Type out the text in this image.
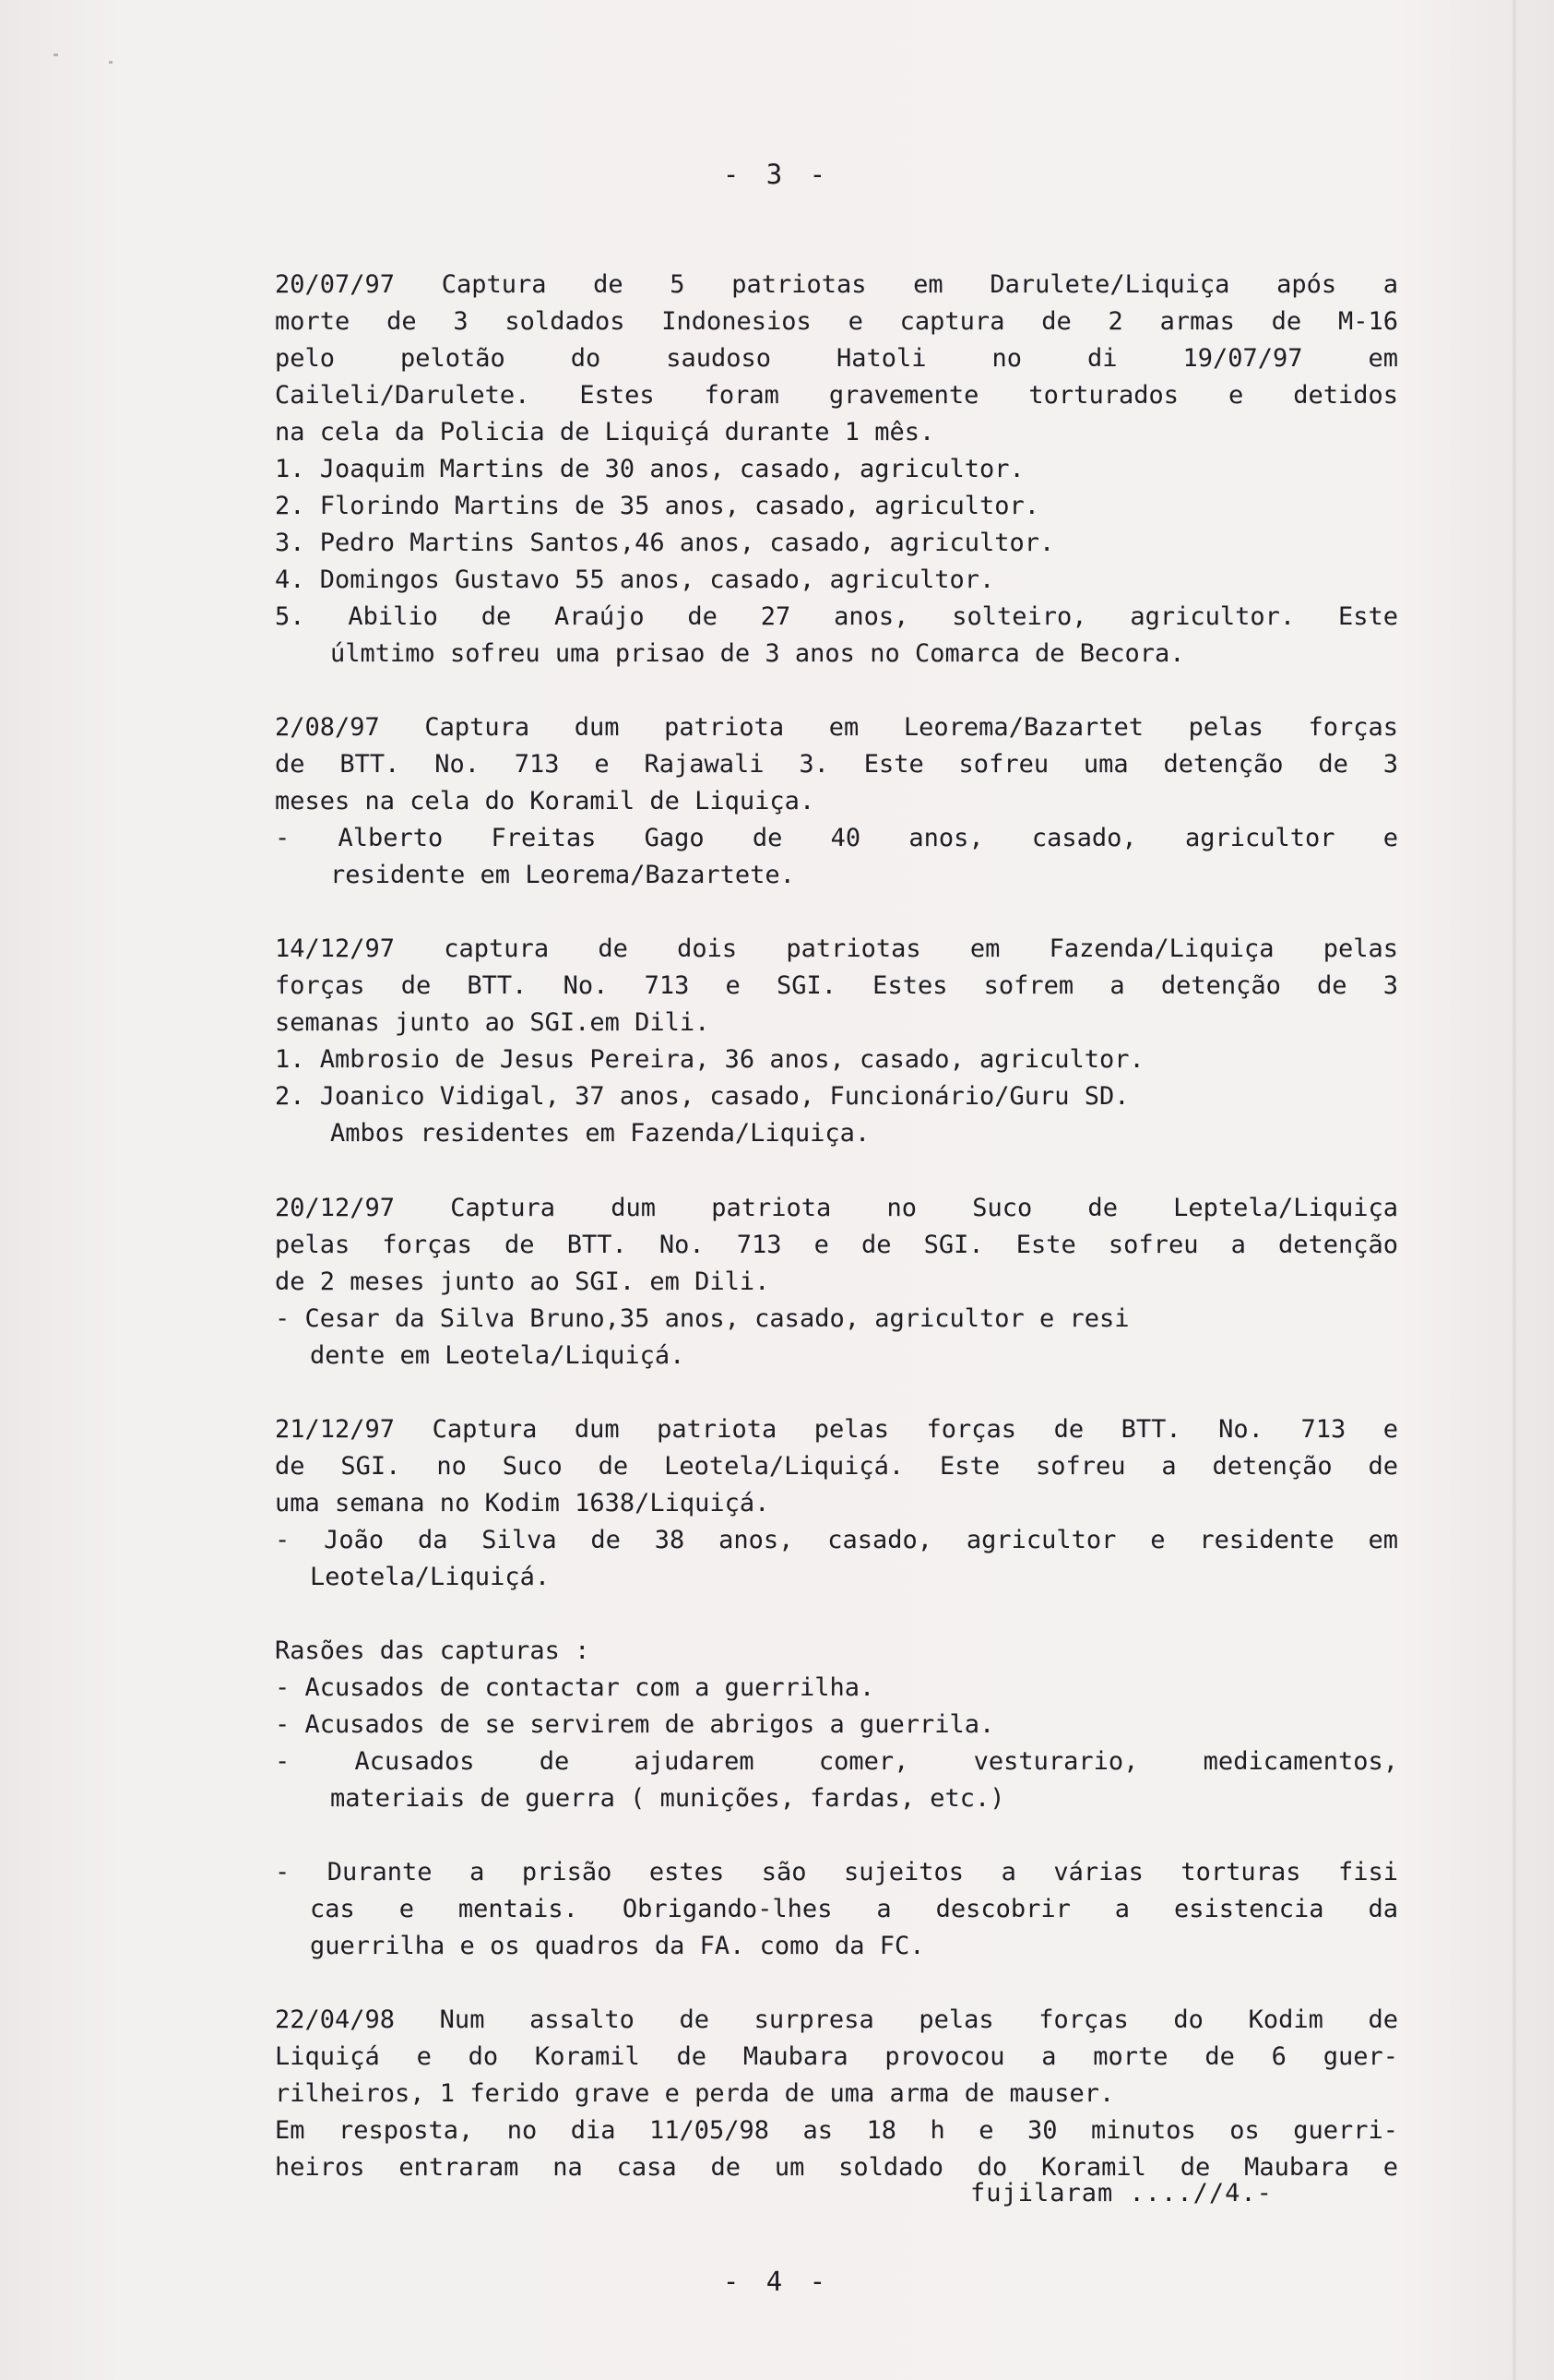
- 3 -
20/07/97 Captura de 5 patriotas em Darulete/Liquiça após a
morte de 3 soldados Indonesios e captura de 2 armas de M-16
pelo pelotão do saudoso Hatoli no di 19/07/97 em
Caileli/Darulete. Estes foram gravemente torturados e detidos
na cela da Policia de Liquiçá durante 1 mês.
1. Joaquim Martins de 30 anos, casado, agricultor.
2. Florindo Martins de 35 anos, casado, agricultor.
3. Pedro Martins Santos,46 anos, casado, agricultor.
4. Domingos Gustavo 55 anos, casado, agricultor.
5. Abilio de Araújo de 27 anos, solteiro, agricultor. Este
úlmtimo sofreu uma prisao de 3 anos no Comarca de Becora.
2/08/97 Captura dum patriota em Leorema/Bazartet pelas forças
de BTT. No. 713 e Rajawali 3. Este sofreu uma detenção de 3
meses na cela do Koramil de Liquiça.
- Alberto Freitas Gago de 40 anos, casado, agricultor e
residente em Leorema/Bazartete.
14/12/97 captura de dois patriotas em Fazenda/Liquiça pelas
forças de BTT. No. 713 e SGI. Estes sofrem a detenção de 3
semanas junto ao SGI.em Dili.
1. Ambrosio de Jesus Pereira, 36 anos, casado, agricultor.
2. Joanico Vidigal, 37 anos, casado, Funcionário/Guru SD.
Ambos residentes em Fazenda/Liquiça.
20/12/97 Captura dum patriota no Suco de Leptela/Liquiça
pelas forças de BTT. No. 713 e de SGI. Este sofreu a detenção
de 2 meses junto ao SGI. em Dili.
- Cesar da Silva Bruno,35 anos, casado, agricultor e resi
dente em Leotela/Liquiçá.
21/12/97 Captura dum patriota pelas forças de BTT. No. 713 e
de SGI. no Suco de Leotela/Liquiçá. Este sofreu a detenção de
uma semana no Kodim 1638/Liquiçá.
- João da Silva de 38 anos, casado, agricultor e residente em
Leotela/Liquiçá.
Rasões das capturas :
- Acusados de contactar com a guerrilha.
- Acusados de se servirem de abrigos a guerrila.
- Acusados de ajudarem comer, vesturario, medicamentos,
materiais de guerra ( munições, fardas, etc.)
- Durante a prisão estes são sujeitos a várias torturas fisi
cas e mentais. Obrigando-lhes a descobrir a esistencia da
guerrilha e os quadros da FA. como da FC.
22/04/98 Num assalto de surpresa pelas forças do Kodim de
Liquiçá e do Koramil de Maubara provocou a morte de 6 guer-
rilheiros, 1 ferido grave e perda de uma arma de mauser.
Em resposta, no dia 11/05/98 as 18 h e 30 minutos os guerri-
heiros entraram na casa de um soldado do Koramil de Maubara e
fujilaram ....//4.-
- 4 -
